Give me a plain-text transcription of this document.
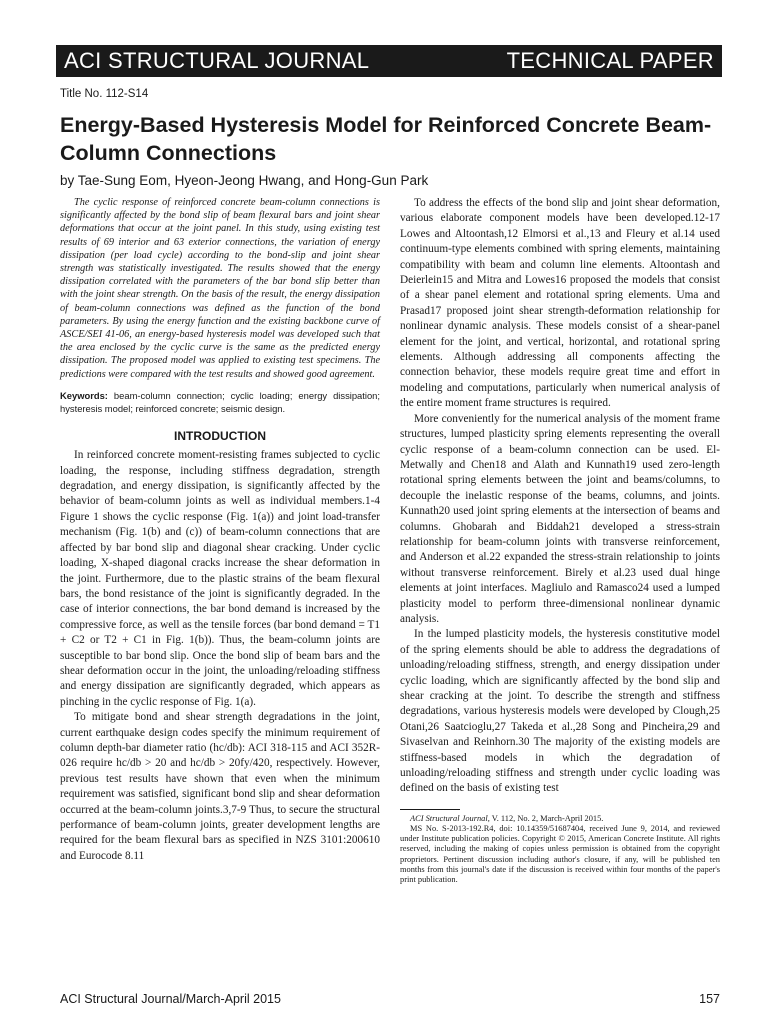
ACI STRUCTURAL JOURNAL	TECHNICAL PAPER
Title No. 112-S14
Energy-Based Hysteresis Model for Reinforced Concrete Beam-Column Connections
by Tae-Sung Eom, Hyeon-Jeong Hwang, and Hong-Gun Park

The cyclic response of reinforced concrete beam-column connections is significantly affected by the bond slip of beam flexural bars and joint shear deformations that occur at the joint panel. In this study, using existing test results of 69 interior and 63 exterior connections, the variation of energy dissipation (per load cycle) according to the bond-slip and joint shear strength was statistically investigated. The results showed that the energy dissipation correlated with the parameters of the bar bond slip better than with the joint shear strength. On the basis of the result, the energy dissipation of beam-column connections was defined as the function of the bond parameters. By using the energy function and the existing backbone curve of ASCE/SEI 41-06, an energy-based hysteresis model was developed such that the area enclosed by the cyclic curve is the same as the predicted energy dissipation. The proposed model was applied to existing test specimens. The predictions were compared with the test results and showed good agreement.

Keywords: beam-column connection; cyclic loading; energy dissipation; hysteresis model; reinforced concrete; seismic design.

INTRODUCTION

In reinforced concrete moment-resisting frames subjected to cyclic loading, the response, including stiffness degradation, strength degradation, and energy dissipation, is significantly affected by the behavior of beam-column joints as well as individual members.1-4 Figure 1 shows the cyclic response (Fig. 1(a)) and joint load-transfer mechanism (Fig. 1(b) and (c)) of beam-column connections that are affected by bar bond slip and diagonal shear cracking. Under cyclic loading, X-shaped diagonal cracks increase the shear deformation in the joint. Furthermore, due to the plastic strains of the beam flexural bars, the bond resistance of the joint is significantly degraded. In the case of interior connections, the bar bond demand is increased by the compressive force, as well as the tensile forces (bar bond demand = T1 + C2 or T2 + C1 in Fig. 1(b)). Thus, the beam-column joints are susceptible to bar bond slip. Once the bond slip of beam bars and the shear deformation occur in the joint, the unloading/reloading stiffness and energy dissipation are significantly degraded, which appears as pinching in the cyclic response of Fig. 1(a).

To mitigate bond and shear strength degradations in the joint, current earthquake design codes specify the minimum requirement of column depth-bar diameter ratio (hc/db): ACI 318-115 and ACI 352R-026 require hc/db > 20 and hc/db > 20fy/420, respectively. However, previous test results have shown that even when the minimum requirement was satisfied, significant bond slip and shear deformation occurred at the beam-column joints.3,7-9 Thus, to secure the structural performance of beam-column joints, greater development lengths are required for the beam flexural bars as specified in NZS 3101:200610 and Eurocode 8.11

To address the effects of the bond slip and joint shear deformation, various elaborate component models have been developed.12-17 Lowes and Altoontash,12 Elmorsi et al.,13 and Fleury et al.14 used continuum-type elements combined with spring elements, maintaining compatibility with beam and column line elements. Altoontash and Deierlein15 and Mitra and Lowes16 proposed the models that consist of a shear panel element and rotational spring elements. Uma and Prasad17 proposed joint shear strength-deformation relationship for nonlinear dynamic analysis. These models consist of a shear-panel element for the joint, and vertical, horizontal, and rotational spring elements. Although addressing all components affecting the connection behavior, these models require great time and effort in modeling and computations, particularly when numerical analysis of the entire moment frame structures is required.

More conveniently for the numerical analysis of the moment frame structures, lumped plasticity spring elements representing the overall cyclic response of a beam-column connection can be used. El-Metwally and Chen18 and Alath and Kunnath19 used zero-length rotational spring elements between the joint and beams/columns, to decouple the inelastic response of the beams, columns, and joints. Kunnath20 used joint spring elements at the intersection of beams and columns. Ghobarah and Biddah21 developed a stress-strain relationship for beam-column joints with transverse reinforcement, and Anderson et al.22 expanded the stress-strain relationship to joints without transverse reinforcement. Birely et al.23 used dual hinge elements at joint interfaces. Magliulo and Ramasco24 used a lumped plasticity model to perform three-dimensional nonlinear dynamic analysis.

In the lumped plasticity models, the hysteresis constitutive model of the spring elements should be able to address the degradations of unloading/reloading stiffness, strength, and energy dissipation under cyclic loading, which are significantly affected by the bond slip and shear cracking at the joint. To describe the strength and stiffness degradations, various hysteresis models were developed by Clough,25 Otani,26 Saatcioglu,27 Takeda et al.,28 Song and Pincheira,29 and Sivaselvan and Reinhorn.30 The majority of the existing models are stiffness-based models in which the degradation of unloading/reloading stiffness and strength under cyclic loading was defined on the basis of existing test

ACI Structural Journal, V. 112, No. 2, March-April 2015.

MS No. S-2013-192.R4, doi: 10.14359/51687404, received June 9, 2014, and reviewed under Institute publication policies. Copyright © 2015, American Concrete Institute. All rights reserved, including the making of copies unless permission is obtained from the copyright proprietors. Pertinent discussion including author's closure, if any, will be published ten months from this journal's date if the discussion is received within four months of the paper's print publication.

ACI Structural Journal/March-April 2015	157
